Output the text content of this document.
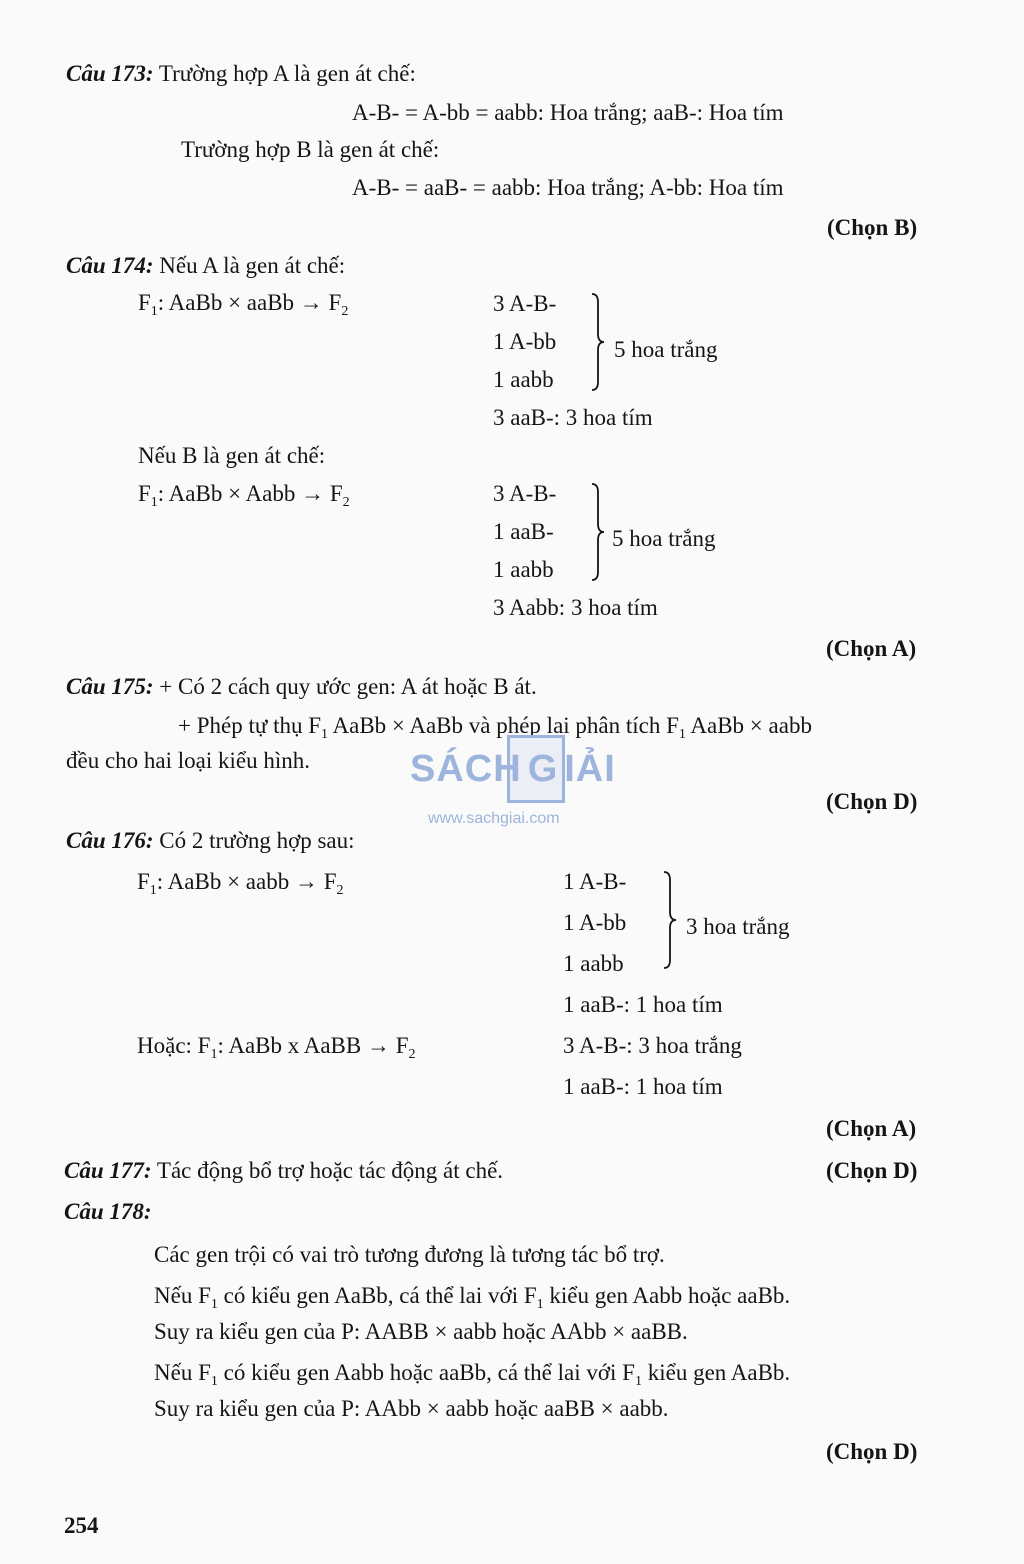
Câu 173: Trường hợp A là gen át chế:
A-B- = A-bb = aabb: Hoa trắng; aaB-: Hoa tím
Trường hợp B là gen át chế:
A-B- = aaB- = aabb: Hoa trắng; A-bb: Hoa tím
(Chọn B)
Câu 174: Nếu A là gen át chế:
$F_1$: AaBb × aaBb → $F_2$	3 A-B-
1 A-bb
1 aabb
5 hoa trắng
3 aaB-: 3 hoa tím
Nếu B là gen át chế:
$F_1$: AaBb × Aabb → $F_2$	3 A-B-
1 aaB-
1 aabb
5 hoa trắng
3 Aabb: 3 hoa tím
(Chọn A)
Câu 175: + Có 2 cách quy ước gen: A át hoặc B át.
+ Phép tự thụ $F_1$ AaBb × AaBb và phép lai phân tích $F_1$ AaBb × aabb
đều cho hai loại kiểu hình.	SÁCH G IẢI
www.sachgiai.com
(Chọn D)
Câu 176: Có 2 trường hợp sau:
$F_1$: AaBb × aabb → $F_2$	1 A-B-
1 A-bb
1 aabb
3 hoa trắng
1 aaB-: 1 hoa tím
Hoặc: $F_1$: AaBb x AaBB → $F_2$	3 A-B-: 3 hoa trắng
1 aaB-: 1 hoa tím
(Chọn A)
Câu 177: Tác động bổ trợ hoặc tác động át chế.	(Chọn D)
Câu 178:
Các gen trội có vai trò tương đương là tương tác bổ trợ.
Nếu $F_1$ có kiểu gen AaBb, cá thể lai với $F_1$ kiểu gen Aabb hoặc aaBb.
Suy ra kiểu gen của P: AABB × aabb hoặc AAbb × aaBB.
Nếu $F_1$ có kiểu gen Aabb hoặc aaBb, cá thể lai với $F_1$ kiểu gen AaBb.
Suy ra kiểu gen của P: AAbb × aabb hoặc aaBB × aabb.
(Chọn D)
254
